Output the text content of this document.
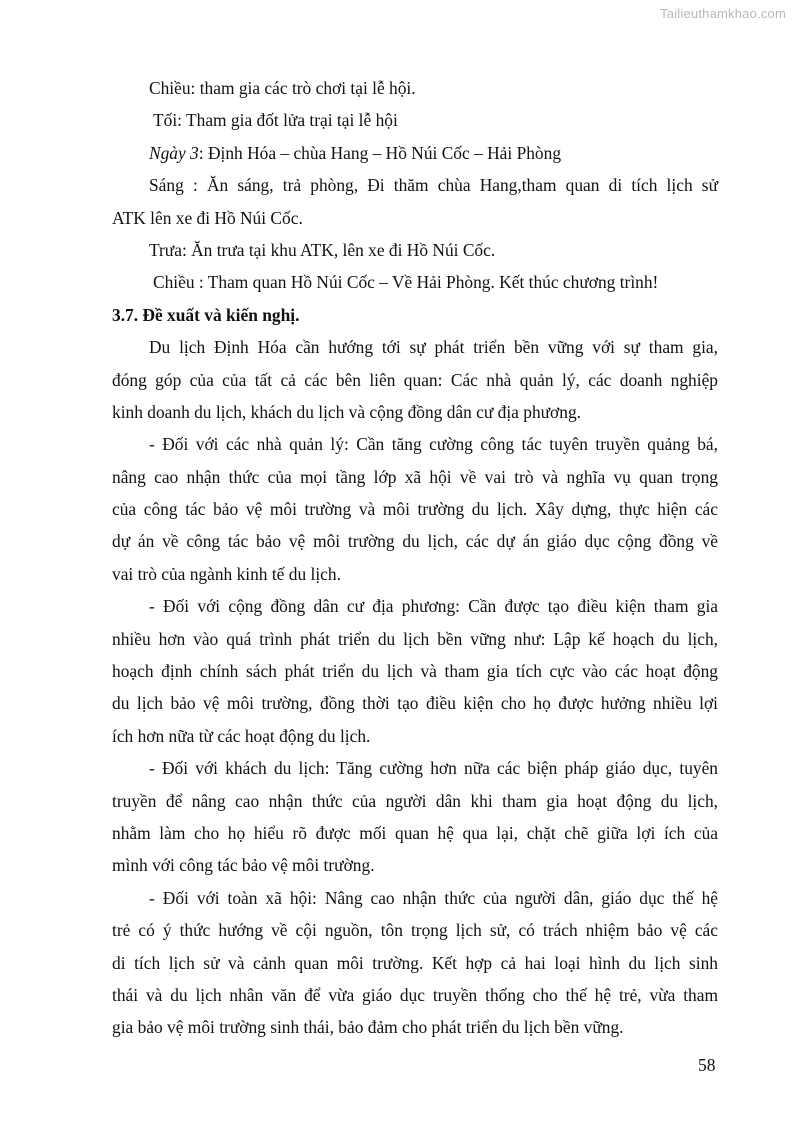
Tailieuthamkhao.com

Chiều: tham gia các trò chơi tại lễ hội.

Tối: Tham gia đốt lửa trại tại lễ hội

Ngày 3: Định Hóa – chùa Hang – Hồ Núi Cốc – Hải Phòng

Sáng : Ăn sáng, trả phòng, Đi thăm chùa Hang,tham quan di tích lịch sử

ATK lên xe đi Hồ Núi Cốc.

Trưa: Ăn trưa tại khu ATK, lên xe đi Hồ Núi Cốc.

Chiều : Tham quan Hồ Núi Cốc – Về Hải Phòng. Kết thúc chương trình!

3.7. Đề xuất và kiến nghị.

Du lịch Định Hóa cần hướng tới sự phát triển bền vững với sự tham gia,

đóng góp của của tất cả các bên liên quan: Các nhà quản lý, các doanh nghiệp

kinh doanh du lịch, khách du lịch và cộng đồng dân cư địa phương.

- Đối với các nhà quản lý: Cần tăng cường công tác tuyên truyền quảng bá,

nâng cao nhận thức của mọi tầng lớp xã hội về vai trò và nghĩa vụ quan trọng

của công tác bảo vệ môi trường và môi trường du lịch. Xây dựng, thực hiện các

dự án về công tác bảo vệ môi trường du lịch, các dự án giáo dục cộng đồng về

vai trò của ngành kinh tế du lịch.

- Đối với cộng đồng dân cư địa phương: Cần được tạo điều kiện tham gia

nhiều hơn vào quá trình phát triển du lịch bền vững như: Lập kế hoạch du lịch,

hoạch định chính sách phát triển du lịch và tham gia tích cực vào các hoạt động

du lịch bảo vệ môi trường, đồng thời tạo điều kiện cho họ được hưởng nhiều lợi

ích hơn nữa từ các hoạt động du lịch.

- Đối với khách du lịch: Tăng cường hơn nữa các biện pháp giáo dục, tuyên

truyền để nâng cao nhận thức của người dân khi tham gia hoạt động du lịch,

nhằm làm cho họ hiểu rõ được mối quan hệ qua lại, chặt chẽ giữa lợi ích của

mình với công tác bảo vệ môi trường.

- Đối với toàn xã hội: Nâng cao nhận thức của người dân, giáo dục thế hệ

trẻ có ý thức hướng về cội nguồn, tôn trọng lịch sử, có trách nhiệm bảo vệ các

di tích lịch sử và cảnh quan môi trường. Kết hợp cả hai loại hình du lịch sinh

thái và du lịch nhân văn để vừa giáo dục truyền thống cho thế hệ trẻ, vừa tham

gia bảo vệ môi trường sinh thái, bảo đảm cho phát triển du lịch bền vững.

58
